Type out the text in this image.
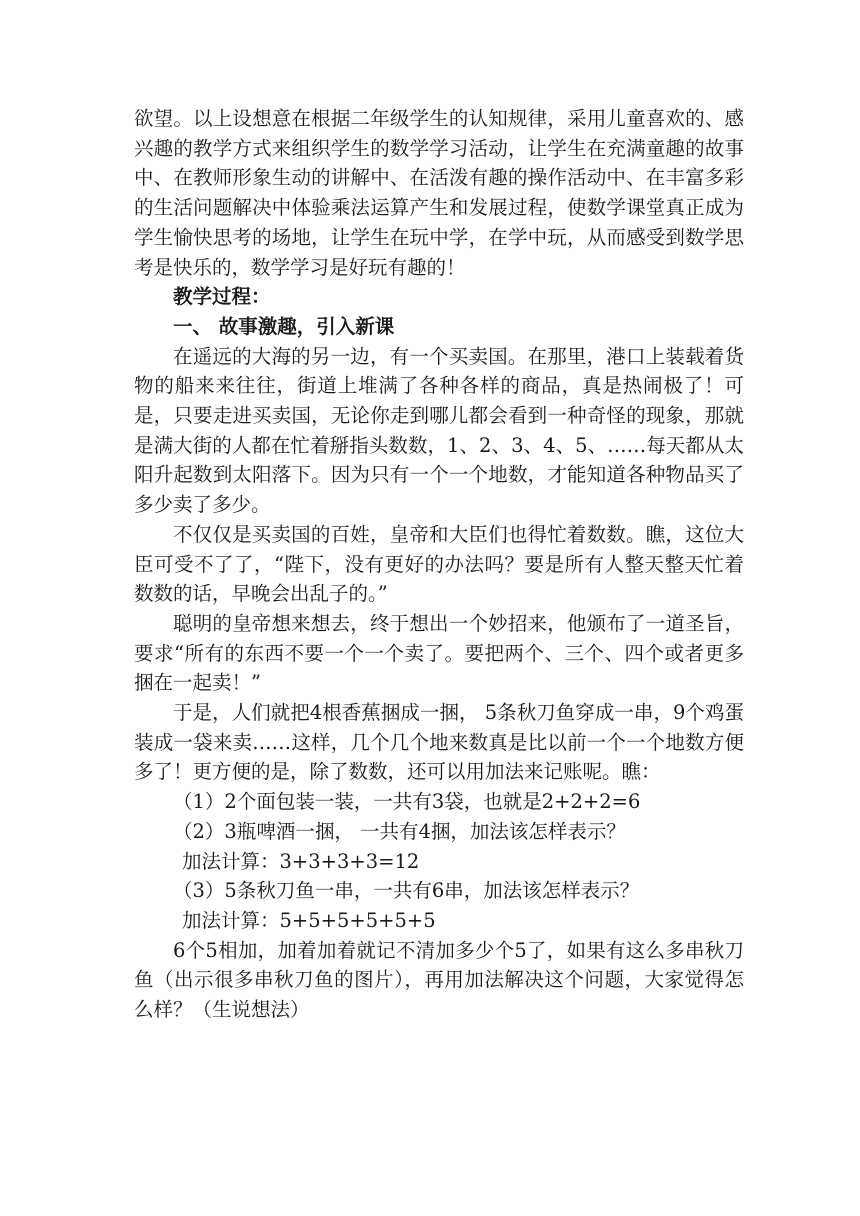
欲望。以上设想意在根据二年级学生的认知规律，采用儿童喜欢的、感兴趣的教学方式来组织学生的数学学习活动，让学生在充满童趣的故事中、在教师形象生动的讲解中、在活泼有趣的操作活动中、在丰富多彩的生活问题解决中体验乘法运算产生和发展过程，使数学课堂真正成为学生愉快思考的场地，让学生在玩中学，在学中玩，从而感受到数学思考是快乐的，数学学习是好玩有趣的！
教学过程：
一、 故事激趣，引入新课
在遥远的大海的另一边，有一个买卖国。在那里，港口上装载着货物的船来来往往，街道上堆满了各种各样的商品，真是热闹极了！可是，只要走进买卖国，无论你走到哪儿都会看到一种奇怪的现象，那就是满大街的人都在忙着掰指头数数，1、2、3、4、5、……每天都从太阳升起数到太阳落下。因为只有一个一个地数，才能知道各种物品买了多少卖了多少。
不仅仅是买卖国的百姓，皇帝和大臣们也得忙着数数。瞧，这位大臣可受不了了，“陛下，没有更好的办法吗？要是所有人整天整天忙着数数的话，早晚会出乱子的。”
聪明的皇帝想来想去，终于想出一个妙招来，他颁布了一道圣旨，要求“所有的东西不要一个一个卖了。要把两个、三个、四个或者更多捆在一起卖！”
于是，人们就把4根香蕉捆成一捆， 5条秋刀鱼穿成一串，9个鸡蛋装成一袋来卖……这样，几个几个地来数真是比以前一个一个地数方便多了！更方便的是，除了数数，还可以用加法来记账呢。瞧：
（1）2个面包装一装，一共有3袋，也就是2+2+2=6
（2）3瓶啤酒一捆， 一共有4捆，加法该怎样表示？
加法计算：3+3+3+3=12
（3）5条秋刀鱼一串，一共有6串，加法该怎样表示？
加法计算：5+5+5+5+5+5
6个5相加，加着加着就记不清加多少个5了，如果有这么多串秋刀鱼（出示很多串秋刀鱼的图片），再用加法解决这个问题，大家觉得怎么样？（生说想法）
